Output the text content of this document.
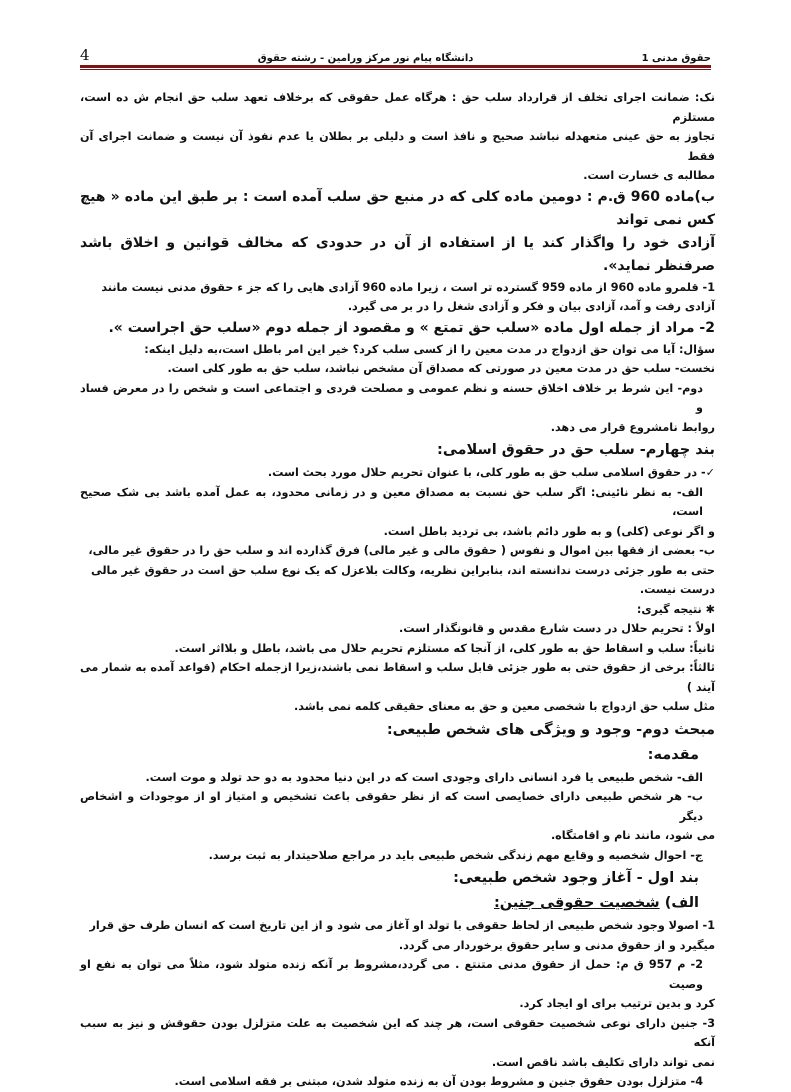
4	دانشگاه پیام نور مرکز ورامین - رشته حقوق	حقوق مدنی 1

نک: ضمانت اجرای تخلف از قرارداد سلب حق : هرگاه عمل حقوقی که برخلاف تعهد سلب حق انجام ش ده است، مستلزم

تجاوز به حق عینی متعهدله نباشد صحیح و نافذ است و دلیلی بر بطلان یا عدم نفوذ آن نیست و ضمانت اجرای آن فقط

مطالبه ی خسارت است.

ب)ماده 960 ق.م : دومین ماده کلی که در منبع حق سلب آمده است : بر طبق این ماده « هیچ کس نمی تواند

آزادی خود را واگذار کند یا از استفاده از آن در حدودی که مخالف قوانین و اخلاق باشد صرفنظر نماید».

1- قلمرو ماده 960 از ماده 959 گسترده تر است ، زیرا ماده 960 آزادی هایی را که جز ء حقوق مدنی نیست مانند

آزادی رفت و آمد، آزادی بیان و فکر و آزادی شغل را در بر می گیرد.

2- مراد از جمله اول ماده «سلب حق تمتع » و مقصود از جمله دوم «سلب حق اجراست ».

سؤال: آیا می توان حق ازدواج در مدت معین را از کسی سلب کرد؟ خیر این امر باطل است،به دلیل اینکه:

نخست- سلب حق در مدت معین در صورتی که مصداق آن مشخص نباشد، سلب حق به طور کلی است.

دوم- این شرط بر خلاف اخلاق حسنه و نظم عمومی و مصلحت فردی و اجتماعی است و شخص را در معرض فساد و

روابط نامشروع قرار می دهد.

بند چهارم- سلب حق در حقوق اسلامی:

✓- در حقوق اسلامی سلب حق به طور کلی، با عنوان تحریم حلال مورد بحث است.

الف- به نظر نائینی: اگر سلب حق نسبت به مصداق معین و در زمانی محدود، به عمل آمده باشد بی شک صحیح است،

و اگر نوعی (کلی) و به طور دائم باشد، بی تردید باطل است.

ب- بعضی از فقها بین اموال و نفوس ( حقوق مالی و غیر مالی) فرق گذارده اند و سلب حق را در حقوق غیر مالی،

حتی به طور جزئی درست ندانسته اند، بنابراین نظریه، وکالت بلاعزل که یک نوع سلب حق است در حقوق غیر مالی

درست نیست.

✱ نتیجه گیری:

اولاً : تحریم حلال در دست شارع مقدس و قانونگذار است.

ثانیاً: سلب و اسقاط حق به طور کلی، از آنجا که مستلزم تحریم حلال می باشد، باطل و بلااثر است.

ثالثاً: برخی از حقوق حتی به طور جزئی قابل سلب و اسقاط نمی باشند،زیرا ازجمله احکام (قواعد آمده به شمار می آیند )

مثل سلب حق ازدواج با شخصی معین و حق به معنای حقیقی کلمه نمی باشد.

مبحث دوم- وجود و ویژگی های شخص طبیعی:

مقدمه:

الف- شخص طبیعی یا فرد انسانی دارای وجودی است که در این دنیا محدود به دو حد تولد و موت است.

ب- هر شخص طبیعی دارای خصایصی است که از نظر حقوقی باعث تشخیص و امتیاز او از موجودات و اشخاص دیگر

می شود، مانند نام و اقامتگاه.

ج- احوال شخصیه و وقایع مهم زندگی شخص طبیعی باید در مراجع صلاحیتدار به ثبت برسد.

بند اول - آغاز وجود شخص طبیعی:

الف) شخصیت حقوقی جنین:

1- اصولا وجود شخص طبیعی از لحاظ حقوقی با تولد او آغاز می شود و از این تاریخ است که انسان طرف حق قرار

میگیرد و از حقوق مدنی و سایر حقوق برخوردار می گردد.

2- م 957 ق م: حمل از حقوق مدنی متنتع . می گردد،مشروط بر آنکه زنده متولد شود، مثلاً می توان به نفع او وصیت

کرد و بدین ترتیب برای او ایجاد کرد.

3- جنین دارای نوعی شخصیت حقوقی است، هر چند که این شخصیت به علت متزلزل بودن حقوقش و نیز به سبب آنکه

نمی تواند دارای تکلیف باشد ناقص است.

4- متزلزل بودن حقوق جنین و مشروط بودن آن به زنده متولد شدن، مبتنی بر فقه اسلامی است.
